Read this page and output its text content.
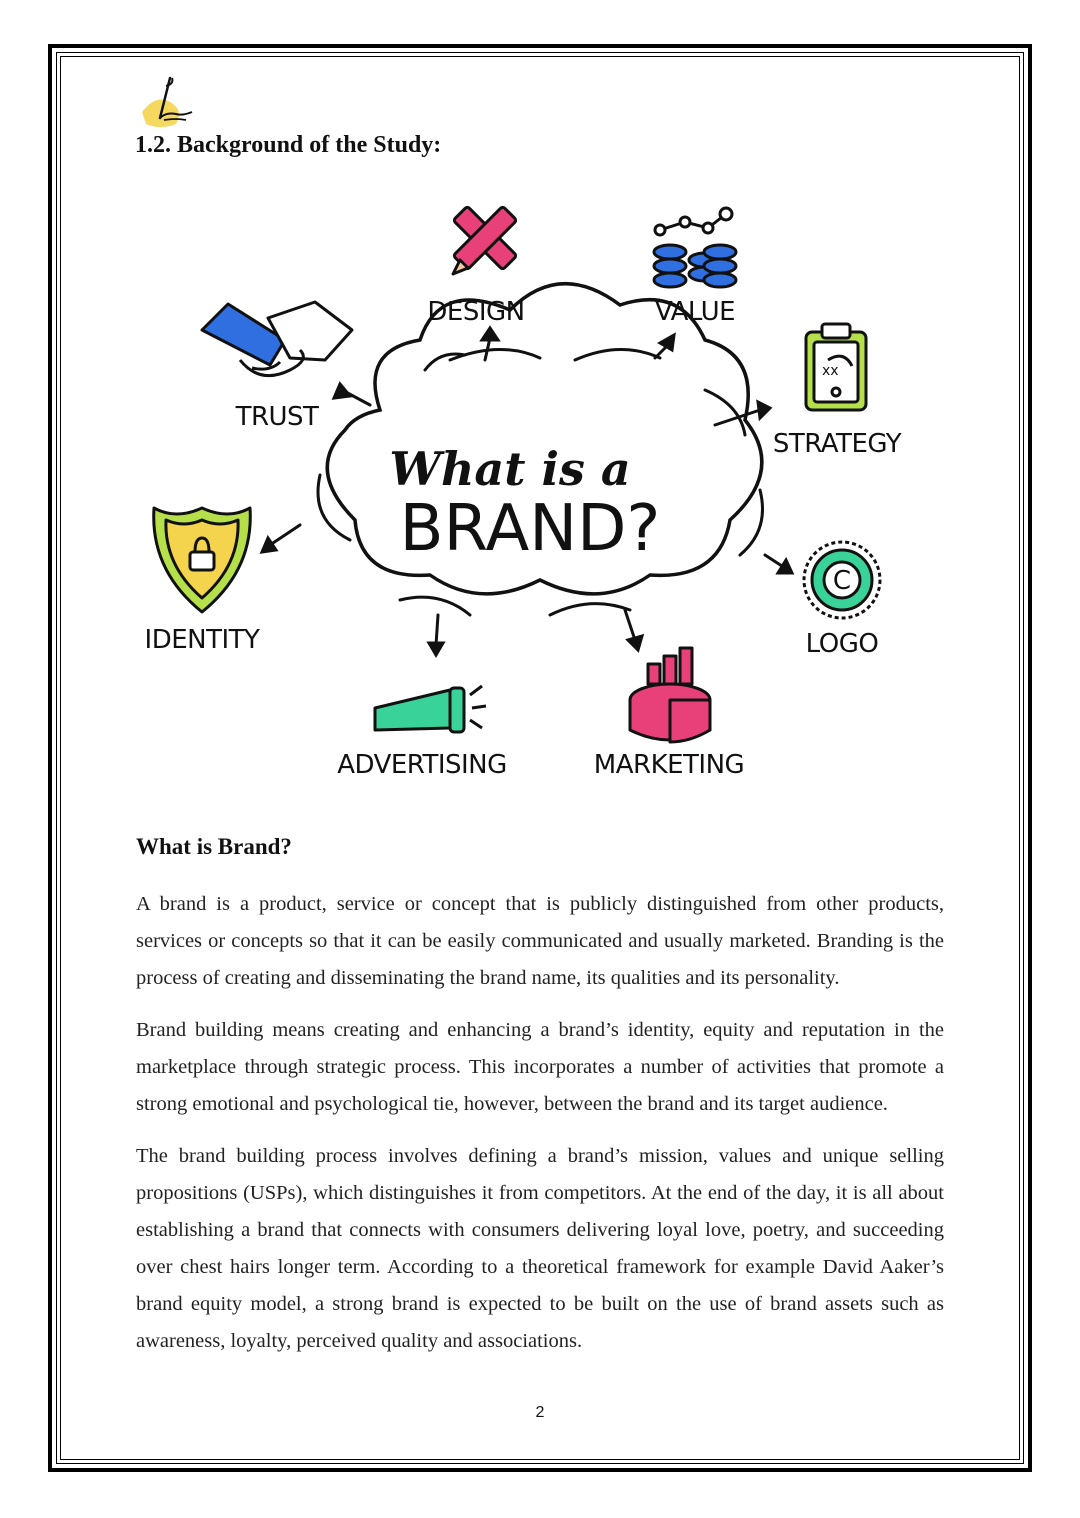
1.2. Background of the Study:
What is a
BRAND?
DESIGN	VALUE
TRUST
STRATEGY
IDENTITY	LOGO
ADVERTISING	MARKETING
xx
C
What is Brand?

A brand is a product, service or concept that is publicly distinguished from other products, services or concepts so that it can be easily communicated and usually marketed. Branding is the process of creating and disseminating the brand name, its qualities and its personality.

Brand building means creating and enhancing a brand’s identity, equity and reputation in the marketplace through strategic process. This incorporates a number of activities that promote a strong emotional and psychological tie, however, between the brand and its target audience.

The brand building process involves defining a brand’s mission, values and unique selling propositions (USPs), which distinguishes it from competitors. At the end of the day, it is all about establishing a brand that connects with consumers delivering loyal love, poetry, and succeeding over chest hairs longer term. According to a theoretical framework for example David Aaker’s brand equity model, a strong brand is expected to be built on the use of brand assets such as awareness, loyalty, perceived quality and associations.

2
